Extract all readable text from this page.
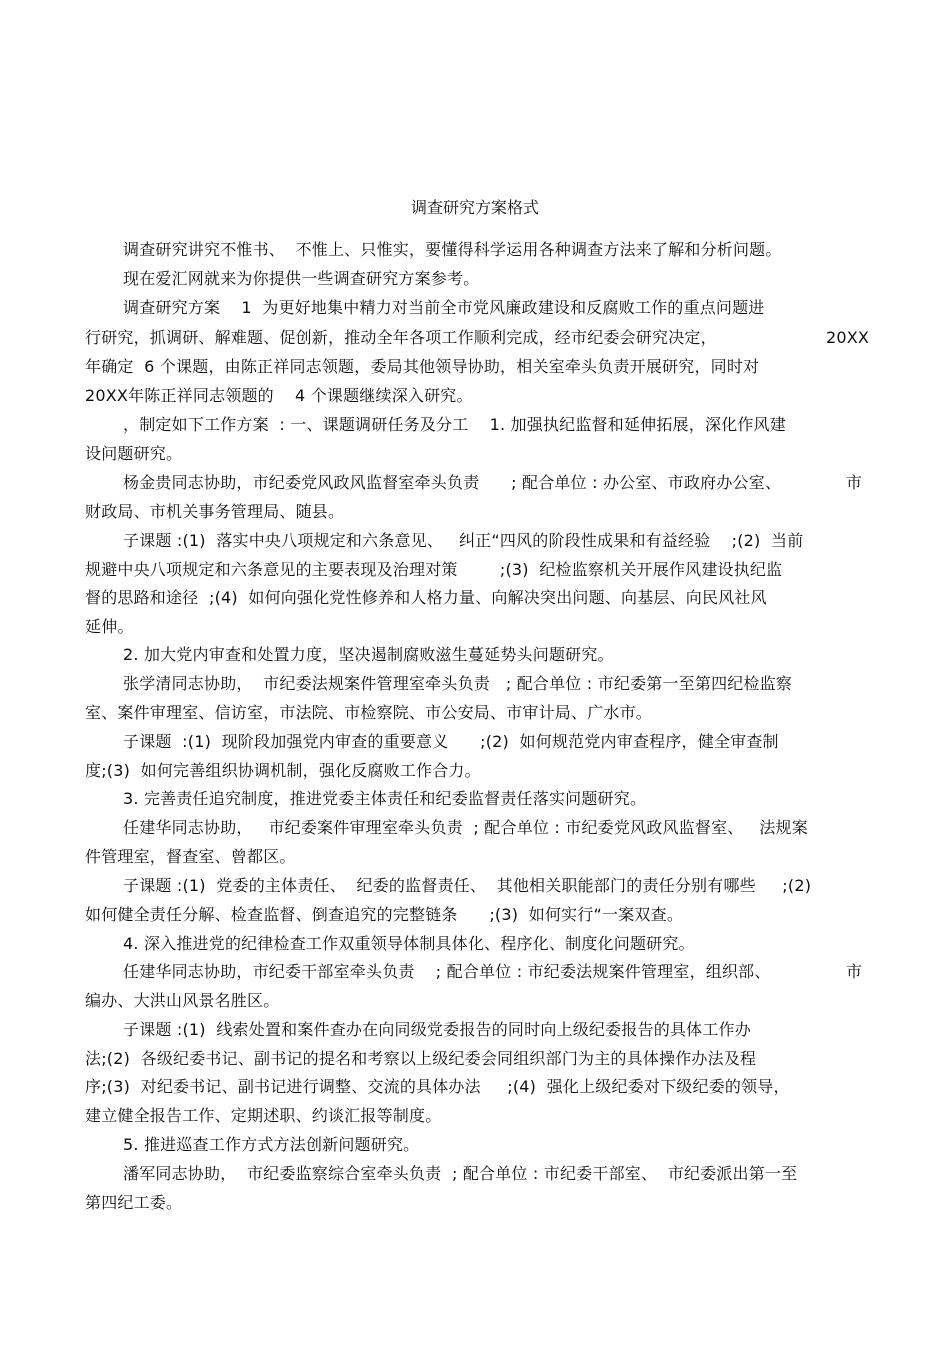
调查研究方案格式
调查研究讲究不惟书、  不惟上、只惟实，要懂得科学运用各种调查方法来了解和分析问题。
现在爱汇网就来为你提供一些调查研究方案参考。
调查研究方案    1  为更好地集中精力对当前全市党风廉政建设和反腐败工作的重点问题进
行研究，抓调研、解难题、促创新，推动全年各项工作顺利完成，经市纪委会研究决定，	20XX
年确定  6 个课题，由陈正祥同志领题，委局其他领导协助，相关室牵头负责开展研究，同时对
20XX年陈正祥同志领题的    4 个课题继续深入研究。
，制定如下工作方案  : 一、课题调研任务及分工    1. 加强执纪监督和延伸拓展，深化作风建
设问题研究。
杨金贵同志协助，市纪委党风政风监督室牵头负责      ; 配合单位 : 办公室、市政府办公室、	市
财政局、市机关事务管理局、随县。
子课题 :(1)  落实中央八项规定和六条意见、   纠正“四风的阶段性成果和有益经验    ;(2)  当前
规避中央八项规定和六条意见的主要表现及治理对策        ;(3)  纪检监察机关开展作风建设执纪监
督的思路和途径  ;(4)  如何向强化党性修养和人格力量、向解决突出问题、向基层、向民风社风
延伸。
2. 加大党内审查和处置力度，坚决遏制腐败滋生蔓延势头问题研究。
张学清同志协助，  市纪委法规案件管理室牵头负责   ; 配合单位 : 市纪委第一至第四纪检监察
室、案件审理室、信访室，市法院、市检察院、市公安局、市审计局、广水市。
子课题  :(1)  现阶段加强党内审查的重要意义      ;(2)  如何规范党内审查程序，健全审查制
度;(3)  如何完善组织协调机制，强化反腐败工作合力。
3. 完善责任追究制度，推进党委主体责任和纪委监督责任落实问题研究。
任建华同志协助，   市纪委案件审理室牵头负责  ; 配合单位 : 市纪委党风政风监督室、   法规案
件管理室，督查室、曾都区。
子课题 :(1)  党委的主体责任、  纪委的监督责任、  其他相关职能部门的责任分别有哪些     ;(2)
如何健全责任分解、检查监督、倒查追究的完整链条      ;(3)  如何实行“一案双查。
4. 深入推进党的纪律检查工作双重领导体制具体化、程序化、制度化问题研究。
任建华同志协助，市纪委干部室牵头负责    ; 配合单位 : 市纪委法规案件管理室，组织部、	市
编办、大洪山风景名胜区。
子课题 :(1)  线索处置和案件查办在向同级党委报告的同时向上级纪委报告的具体工作办
法;(2)  各级纪委书记、副书记的提名和考察以上级纪委会同组织部门为主的具体操作办法及程
序;(3)  对纪委书记、副书记进行调整、交流的具体办法     ;(4)  强化上级纪委对下级纪委的领导，
建立健全报告工作、定期述职、约谈汇报等制度。
5. 推进巡查工作方式方法创新问题研究。
潘军同志协助，  市纪委监察综合室牵头负责  ; 配合单位 : 市纪委干部室、  市纪委派出第一至
第四纪工委。
